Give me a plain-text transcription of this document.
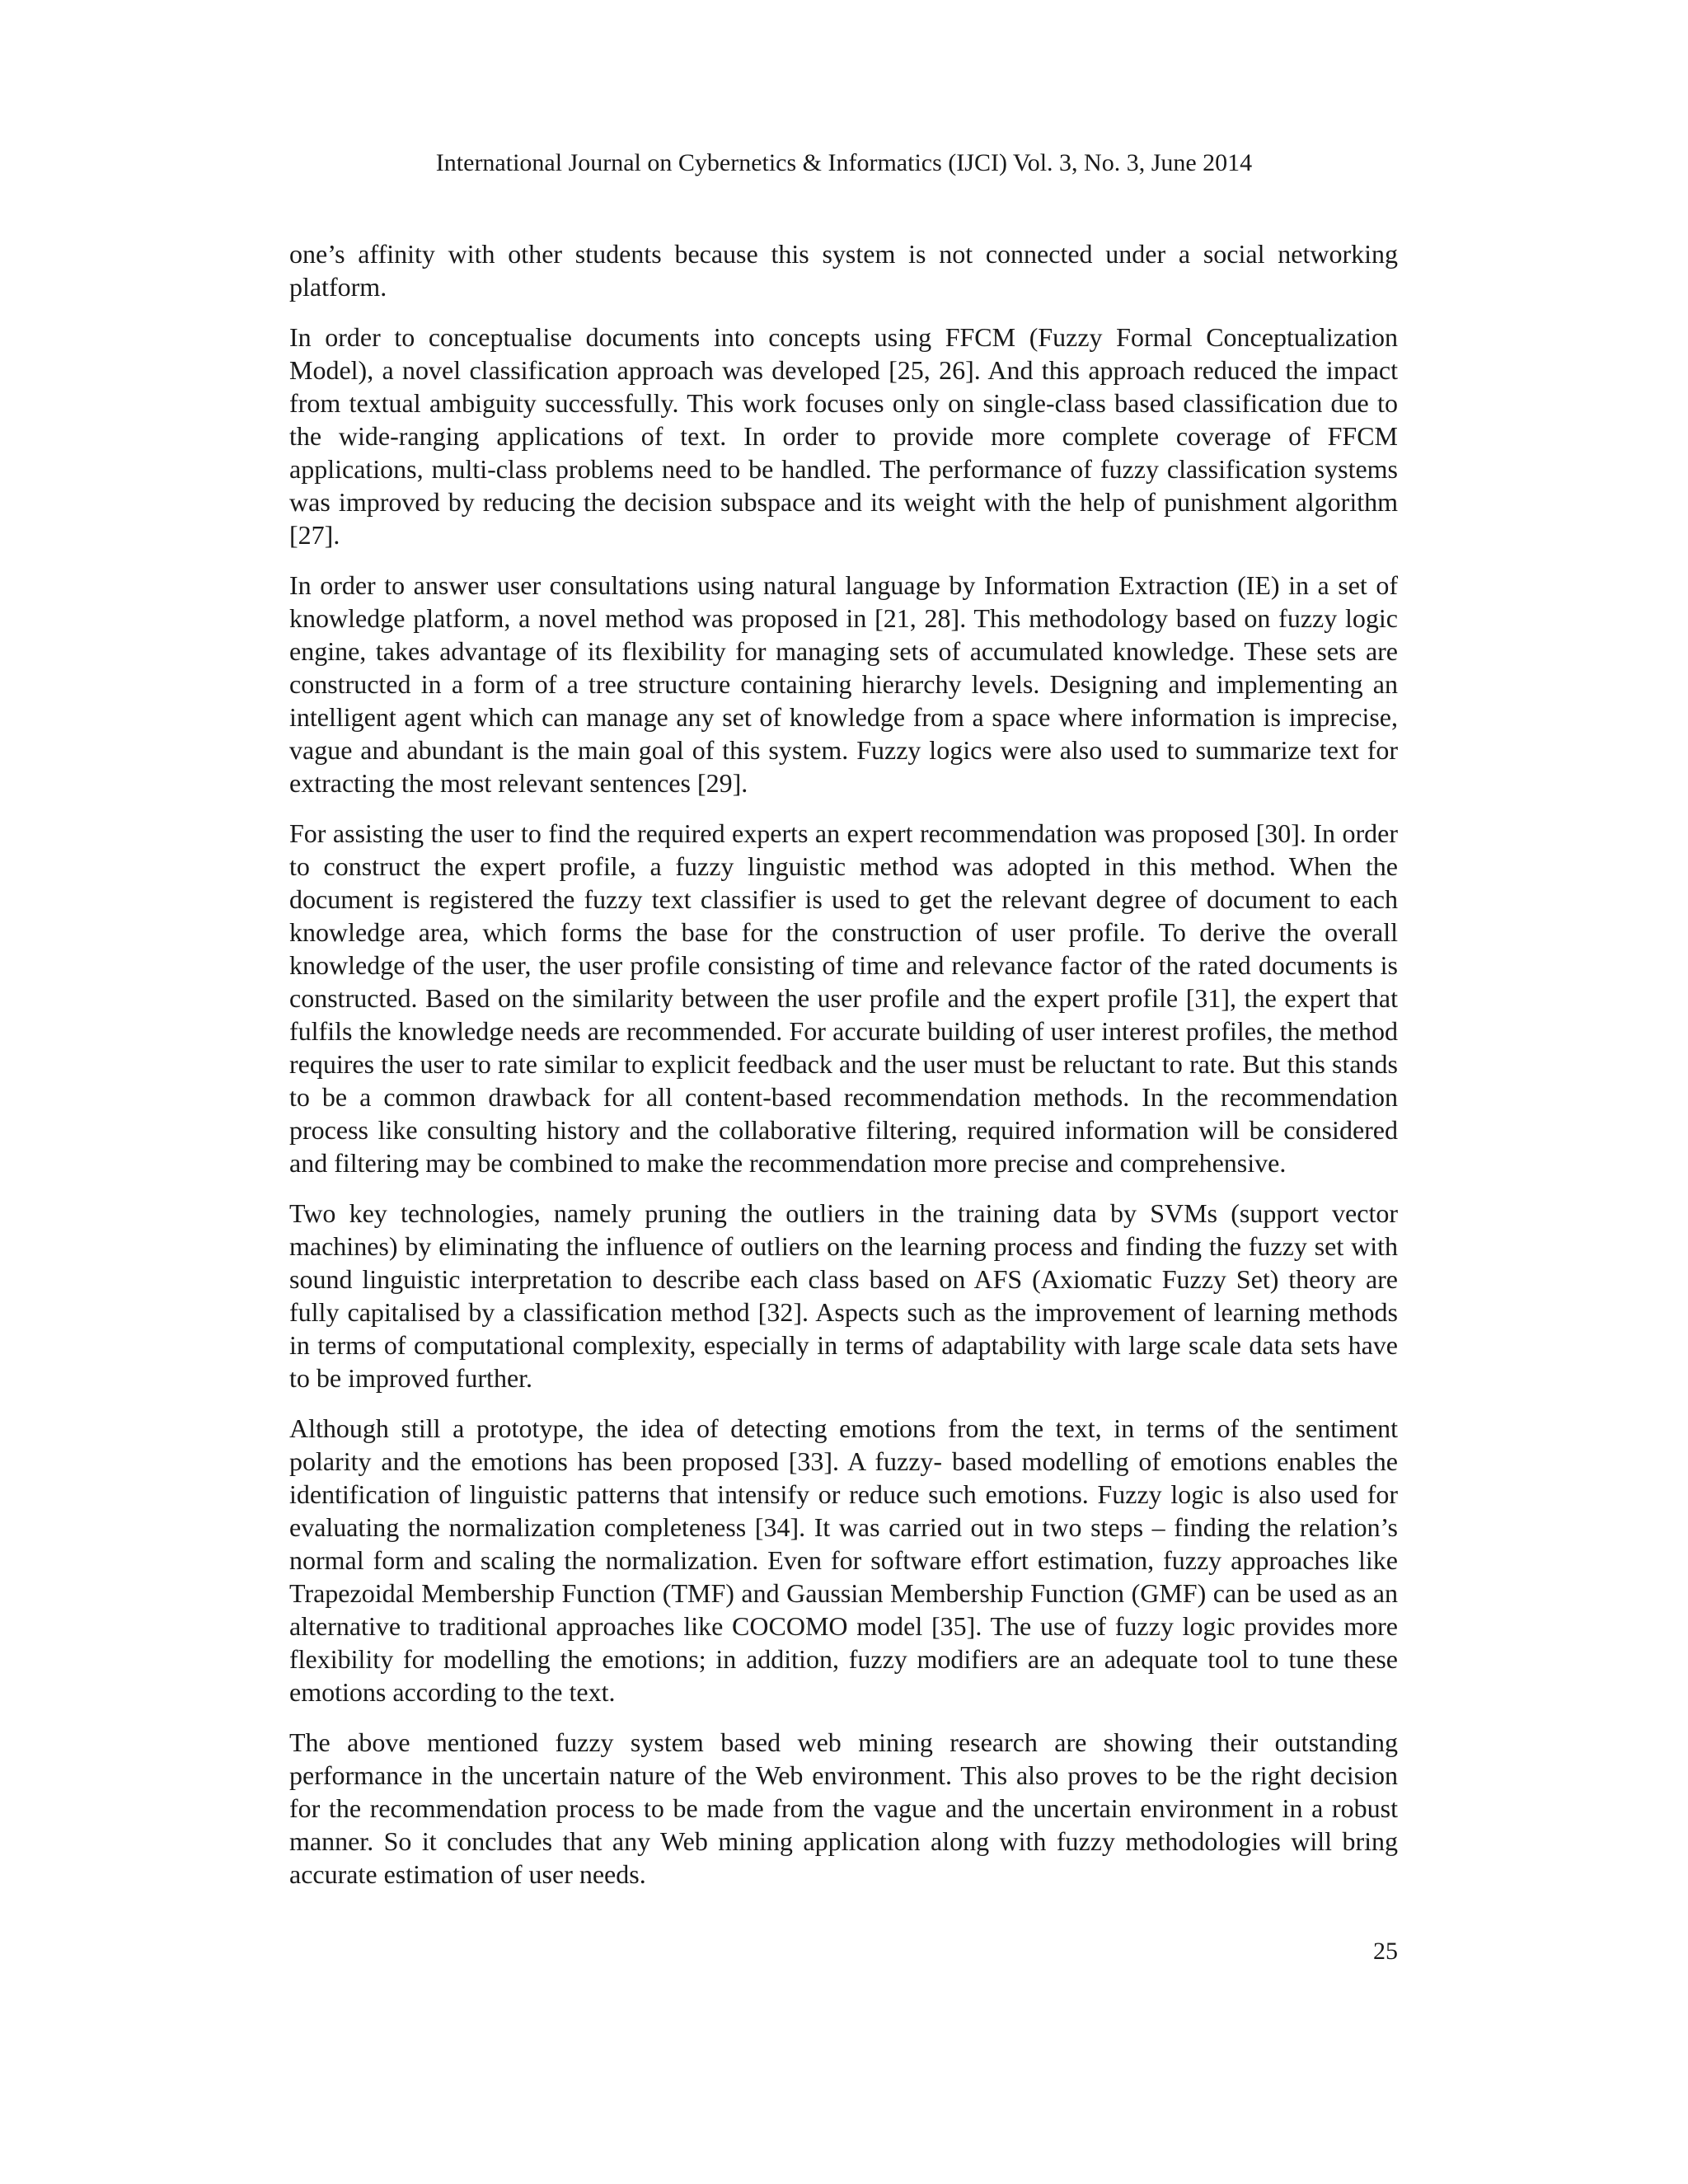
International Journal on Cybernetics & Informatics (IJCI) Vol. 3, No. 3, June 2014

one’s affinity with other students because this system is not connected under a social networking platform.

In order to conceptualise documents into concepts using FFCM (Fuzzy Formal Conceptualization Model), a novel classification approach was developed [25, 26]. And this approach reduced the impact from textual ambiguity successfully. This work focuses only on single-class based classification due to the wide-ranging applications of text. In order to provide more complete coverage of FFCM applications, multi-class problems need to be handled. The performance of fuzzy classification systems was improved by reducing the decision subspace and its weight with the help of punishment algorithm [27].

In order to answer user consultations using natural language by Information Extraction (IE) in a set of knowledge platform, a novel method was proposed in [21, 28]. This methodology based on fuzzy logic engine, takes advantage of its flexibility for managing sets of accumulated knowledge. These sets are constructed in a form of a tree structure containing hierarchy levels. Designing and implementing an intelligent agent which can manage any set of knowledge from a space where information is imprecise, vague and abundant is the main goal of this system. Fuzzy logics were also used to summarize text for extracting the most relevant sentences [29].

For assisting the user to find the required experts an expert recommendation was proposed [30]. In order to construct the expert profile, a fuzzy linguistic method was adopted in this method. When the document is registered the fuzzy text classifier is used to get the relevant degree of document to each knowledge area, which forms the base for the construction of user profile. To derive the overall knowledge of the user, the user profile consisting of time and relevance factor of the rated documents is constructed. Based on the similarity between the user profile and the expert profile [31], the expert that fulfils the knowledge needs are recommended. For accurate building of user interest profiles, the method requires the user to rate similar to explicit feedback and the user must be reluctant to rate. But this stands to be a common drawback for all content-based recommendation methods. In the recommendation process like consulting history and the collaborative filtering, required information will be considered and filtering may be combined to make the recommendation more precise and comprehensive.

Two key technologies, namely pruning the outliers in the training data by SVMs (support vector machines) by eliminating the influence of outliers on the learning process and finding the fuzzy set with sound linguistic interpretation to describe each class based on AFS (Axiomatic Fuzzy Set) theory are fully capitalised by a classification method [32]. Aspects such as the improvement of learning methods in terms of computational complexity, especially in terms of adaptability with large scale data sets have to be improved further.

Although still a prototype, the idea of detecting emotions from the text, in terms of the sentiment polarity and the emotions has been proposed [33]. A fuzzy- based modelling of emotions enables the identification of linguistic patterns that intensify or reduce such emotions. Fuzzy logic is also used for evaluating the normalization completeness [34]. It was carried out in two steps – finding the relation’s normal form and scaling the normalization. Even for software effort estimation, fuzzy approaches like Trapezoidal Membership Function (TMF) and Gaussian Membership Function (GMF) can be used as an alternative to traditional approaches like COCOMO model [35]. The use of fuzzy logic provides more flexibility for modelling the emotions; in addition, fuzzy modifiers are an adequate tool to tune these emotions according to the text.

The above mentioned fuzzy system based web mining research are showing their outstanding performance in the uncertain nature of the Web environment. This also proves to be the right decision for the recommendation process to be made from the vague and the uncertain environment in a robust manner. So it concludes that any Web mining application along with fuzzy methodologies will bring accurate estimation of user needs.

25
